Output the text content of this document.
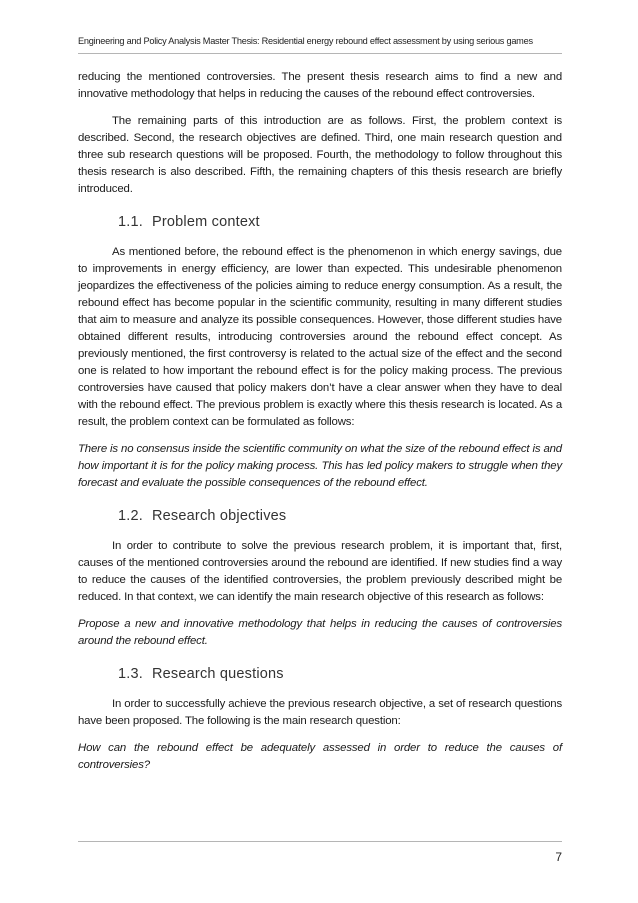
Engineering and Policy Analysis Master Thesis: Residential energy rebound effect assessment by using serious games

reducing the mentioned controversies. The present thesis research aims to find a new and innovative methodology that helps in reducing the causes of the rebound effect controversies.

The remaining parts of this introduction are as follows. First, the problem context is described. Second, the research objectives are defined. Third, one main research question and three sub research questions will be proposed. Fourth, the methodology to follow throughout this thesis research is also described. Fifth, the remaining chapters of this thesis research are briefly introduced.

1.1. Problem context

As mentioned before, the rebound effect is the phenomenon in which energy savings, due to improvements in energy efficiency, are lower than expected. This undesirable phenomenon jeopardizes the effectiveness of the policies aiming to reduce energy consumption. As a result, the rebound effect has become popular in the scientific community, resulting in many different studies that aim to measure and analyze its possible consequences. However, those different studies have obtained different results, introducing controversies around the rebound effect concept. As previously mentioned, the first controversy is related to the actual size of the effect and the second one is related to how important the rebound effect is for the policy making process. The previous controversies have caused that policy makers don’t have a clear answer when they have to deal with the rebound effect. The previous problem is exactly where this thesis research is located. As a result, the problem context can be formulated as follows:

There is no consensus inside the scientific community on what the size of the rebound effect is and how important it is for the policy making process. This has led policy makers to struggle when they forecast and evaluate the possible consequences of the rebound effect.

1.2. Research objectives

In order to contribute to solve the previous research problem, it is important that, first, causes of the mentioned controversies around the rebound are identified. If new studies find a way to reduce the causes of the identified controversies, the problem previously described might be reduced. In that context, we can identify the main research objective of this research as follows:

Propose a new and innovative methodology that helps in reducing the causes of controversies around the rebound effect.

1.3. Research questions

In order to successfully achieve the previous research objective, a set of research questions have been proposed. The following is the main research question:

How can the rebound effect be adequately assessed in order to reduce the causes of controversies?

7
